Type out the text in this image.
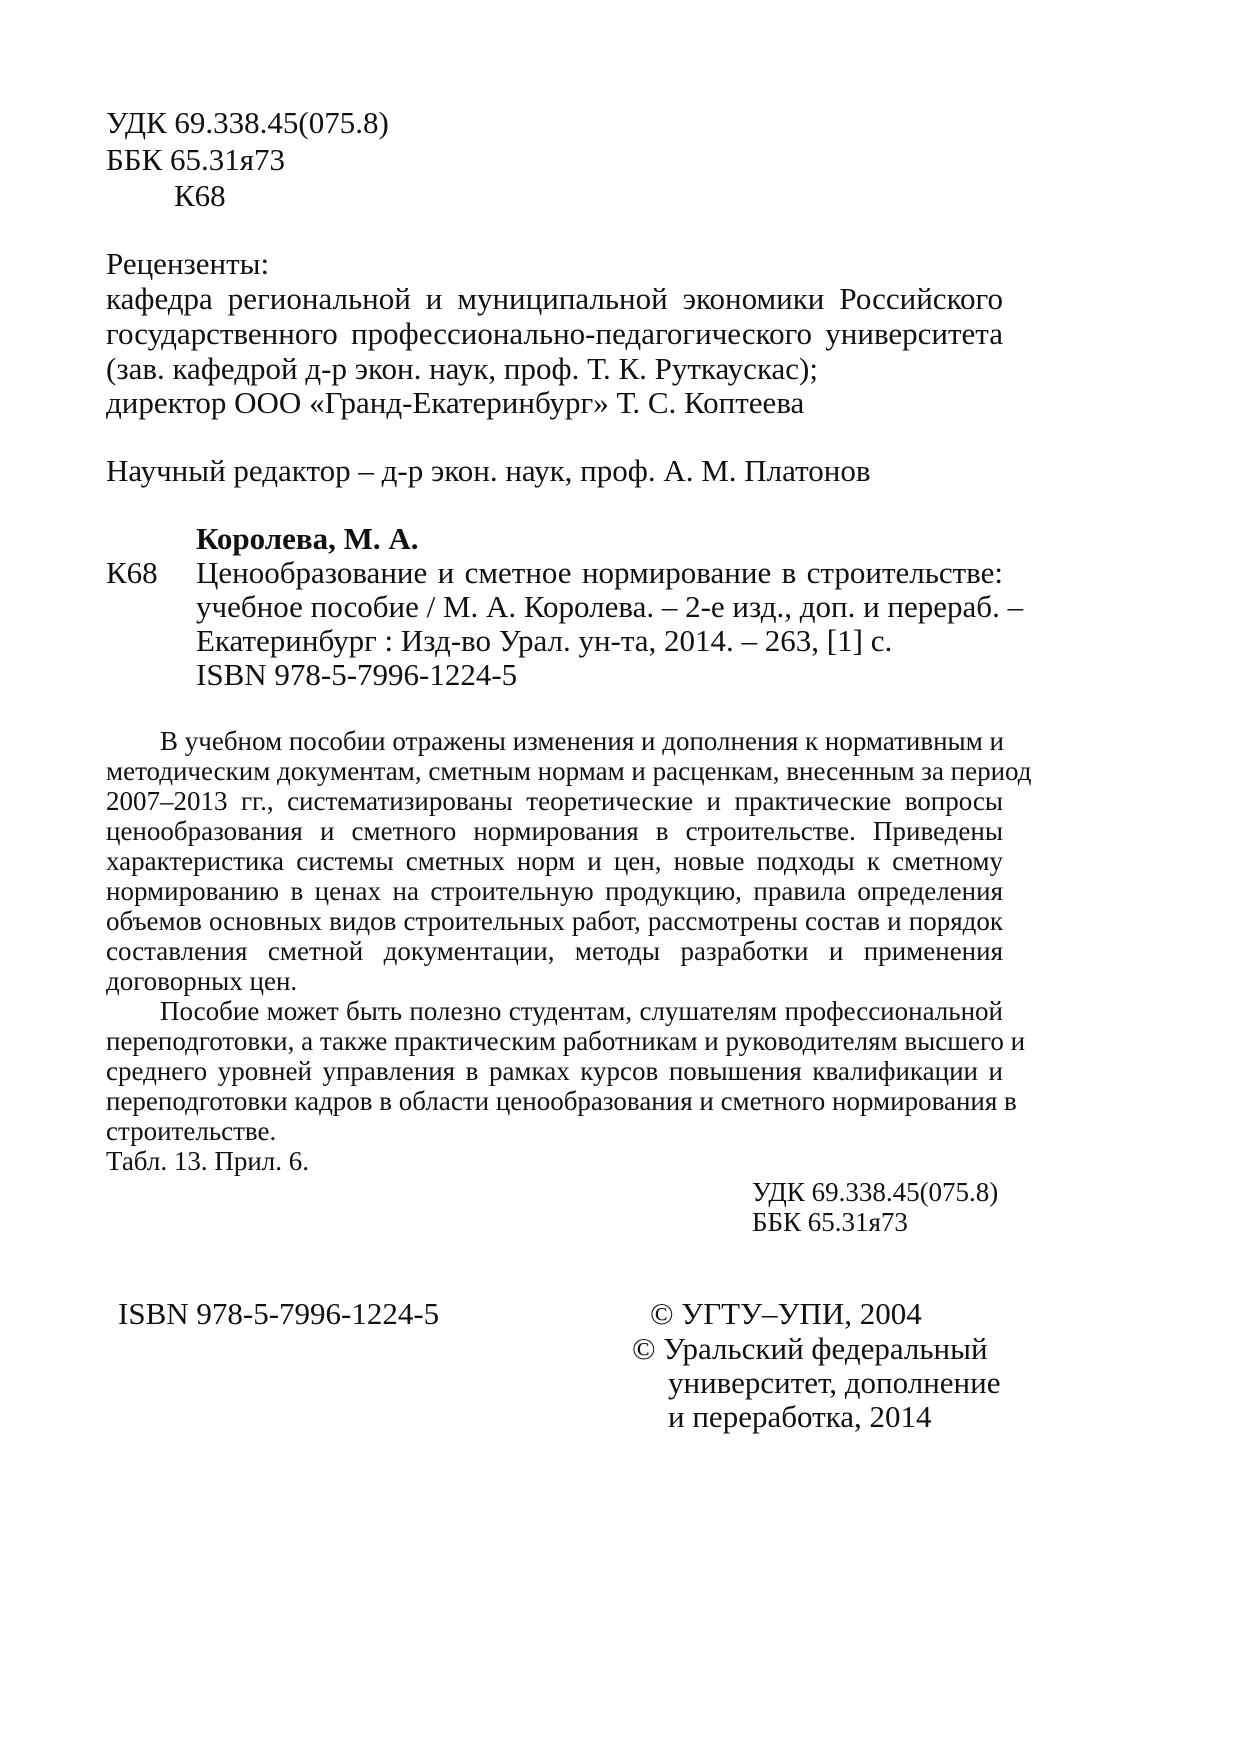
УДК 69.338.45(075.8)
ББК 65.31я73
К68
Рецензенты:
кафедра региональной и муниципальной экономики Российского
государственного профессионально-педагогического университета
(зав. кафедрой д-р экон. наук, проф. Т. К. Руткаускас);
директор ООО «Гранд-Екатеринбург» Т. С. Коптеева
Научный редактор – д-р экон. наук, проф. А. М. Платонов
Королева, М. А.
К68 Ценообразование и сметное нормирование в строительстве:
учебное пособие / М. А. Королева. – 2-е изд., доп. и перераб. –
Екатеринбург : Изд-во Урал. ун-та, 2014. – 263, [1] с.
ISBN 978-5-7996-1224-5
В учебном пособии отражены изменения и дополнения к нормативным и
методическим документам, сметным нормам и расценкам, внесенным за период
2007–2013 гг., систематизированы теоретические и практические вопросы
ценообразования и сметного нормирования в строительстве. Приведены
характеристика системы сметных норм и цен, новые подходы к сметному
нормированию в ценах на строительную продукцию, правила определения
объемов основных видов строительных работ, рассмотрены состав и порядок
составления сметной документации, методы разработки и применения
договорных цен.
Пособие может быть полезно студентам, слушателям профессиональной
переподготовки, а также практическим работникам и руководителям высшего и
среднего уровней управления в рамках курсов повышения квалификации и
переподготовки кадров в области ценообразования и сметного нормирования в
строительстве.
Табл. 13. Прил. 6.
УДК 69.338.45(075.8)
ББК 65.31я73
ISBN 978-5-7996-1224-5	© УГТУ–УПИ, 2004
© Уральский федеральный
университет, дополнение
и переработка, 2014
